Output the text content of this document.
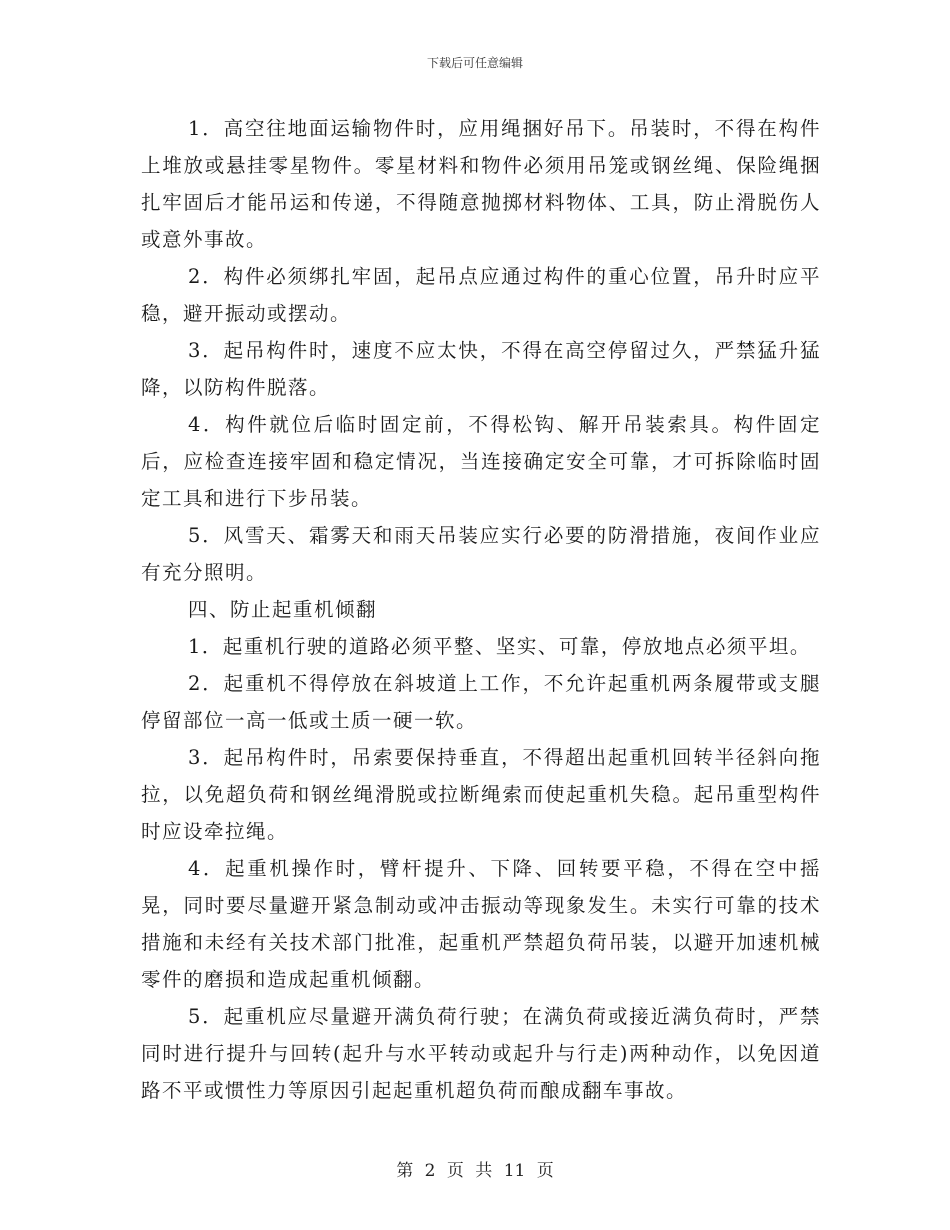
下载后可任意编辑

1．高空往地面运输物件时，应用绳捆好吊下。吊装时，不得在构件上堆放或悬挂零星物件。零星材料和物件必须用吊笼或钢丝绳、保险绳捆扎牢固后才能吊运和传递，不得随意抛掷材料物体、工具，防止滑脱伤人或意外事故。

2．构件必须绑扎牢固，起吊点应通过构件的重心位置，吊升时应平稳，避开振动或摆动。

3．起吊构件时，速度不应太快，不得在高空停留过久，严禁猛升猛降，以防构件脱落。

4．构件就位后临时固定前，不得松钩、解开吊装索具。构件固定后，应检查连接牢固和稳定情况，当连接确定安全可靠，才可拆除临时固定工具和进行下步吊装。

5．风雪天、霜雾天和雨天吊装应实行必要的防滑措施，夜间作业应有充分照明。

四、防止起重机倾翻

1．起重机行驶的道路必须平整、坚实、可靠，停放地点必须平坦。

2．起重机不得停放在斜坡道上工作，不允许起重机两条履带或支腿停留部位一高一低或土质一硬一软。

3．起吊构件时，吊索要保持垂直，不得超出起重机回转半径斜向拖拉，以免超负荷和钢丝绳滑脱或拉断绳索而使起重机失稳。起吊重型构件时应设牵拉绳。

4．起重机操作时，臂杆提升、下降、回转要平稳，不得在空中摇晃，同时要尽量避开紧急制动或冲击振动等现象发生。未实行可靠的技术措施和未经有关技术部门批准，起重机严禁超负荷吊装，以避开加速机械零件的磨损和造成起重机倾翻。

5．起重机应尽量避开满负荷行驶；在满负荷或接近满负荷时，严禁同时进行提升与回转(起升与水平转动或起升与行走)两种动作，以免因道路不平或惯性力等原因引起起重机超负荷而酿成翻车事故。

第 2 页 共 11 页
